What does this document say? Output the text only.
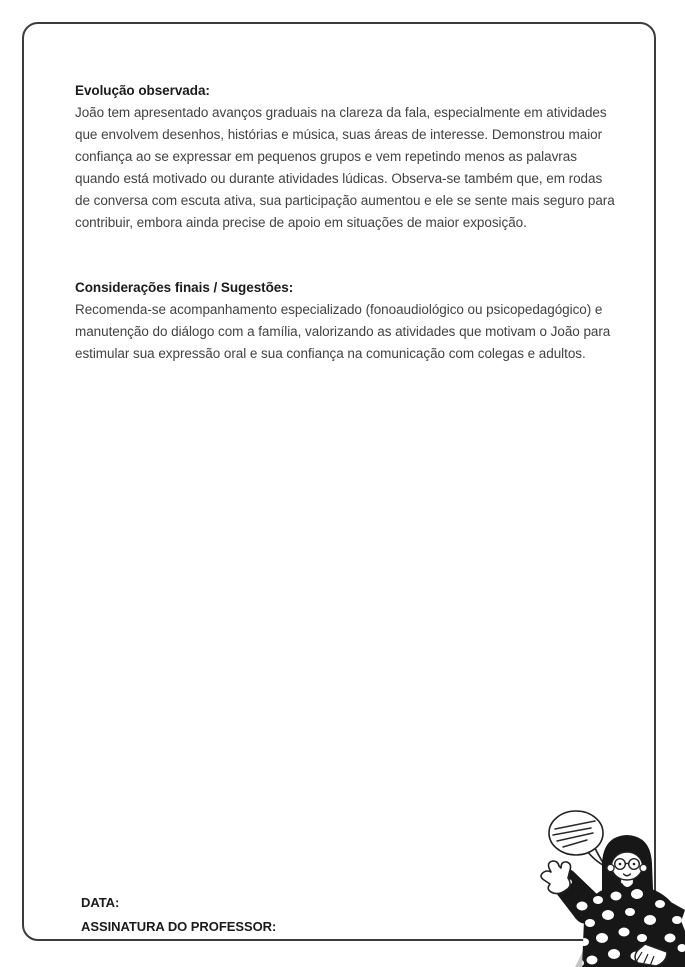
Evolução observada:

João tem apresentado avanços graduais na clareza da fala, especialmente em atividades que envolvem desenhos, histórias e música, suas áreas de interesse. Demonstrou maior confiança ao se expressar em pequenos grupos e vem repetindo menos as palavras quando está motivado ou durante atividades lúdicas. Observa-se também que, em rodas de conversa com escuta ativa, sua participação aumentou e ele se sente mais seguro para contribuir, embora ainda precise de apoio em situações de maior exposição.

Considerações finais / Sugestões:

Recomenda-se acompanhamento especializado (fonoaudiológico ou psicopedagógico) e manutenção do diálogo com a família, valorizando as atividades que motivam o João para estimular sua expressão oral e sua confiança na comunicação com colegas e adultos.

DATA:
ASSINATURA DO PROFESSOR:
